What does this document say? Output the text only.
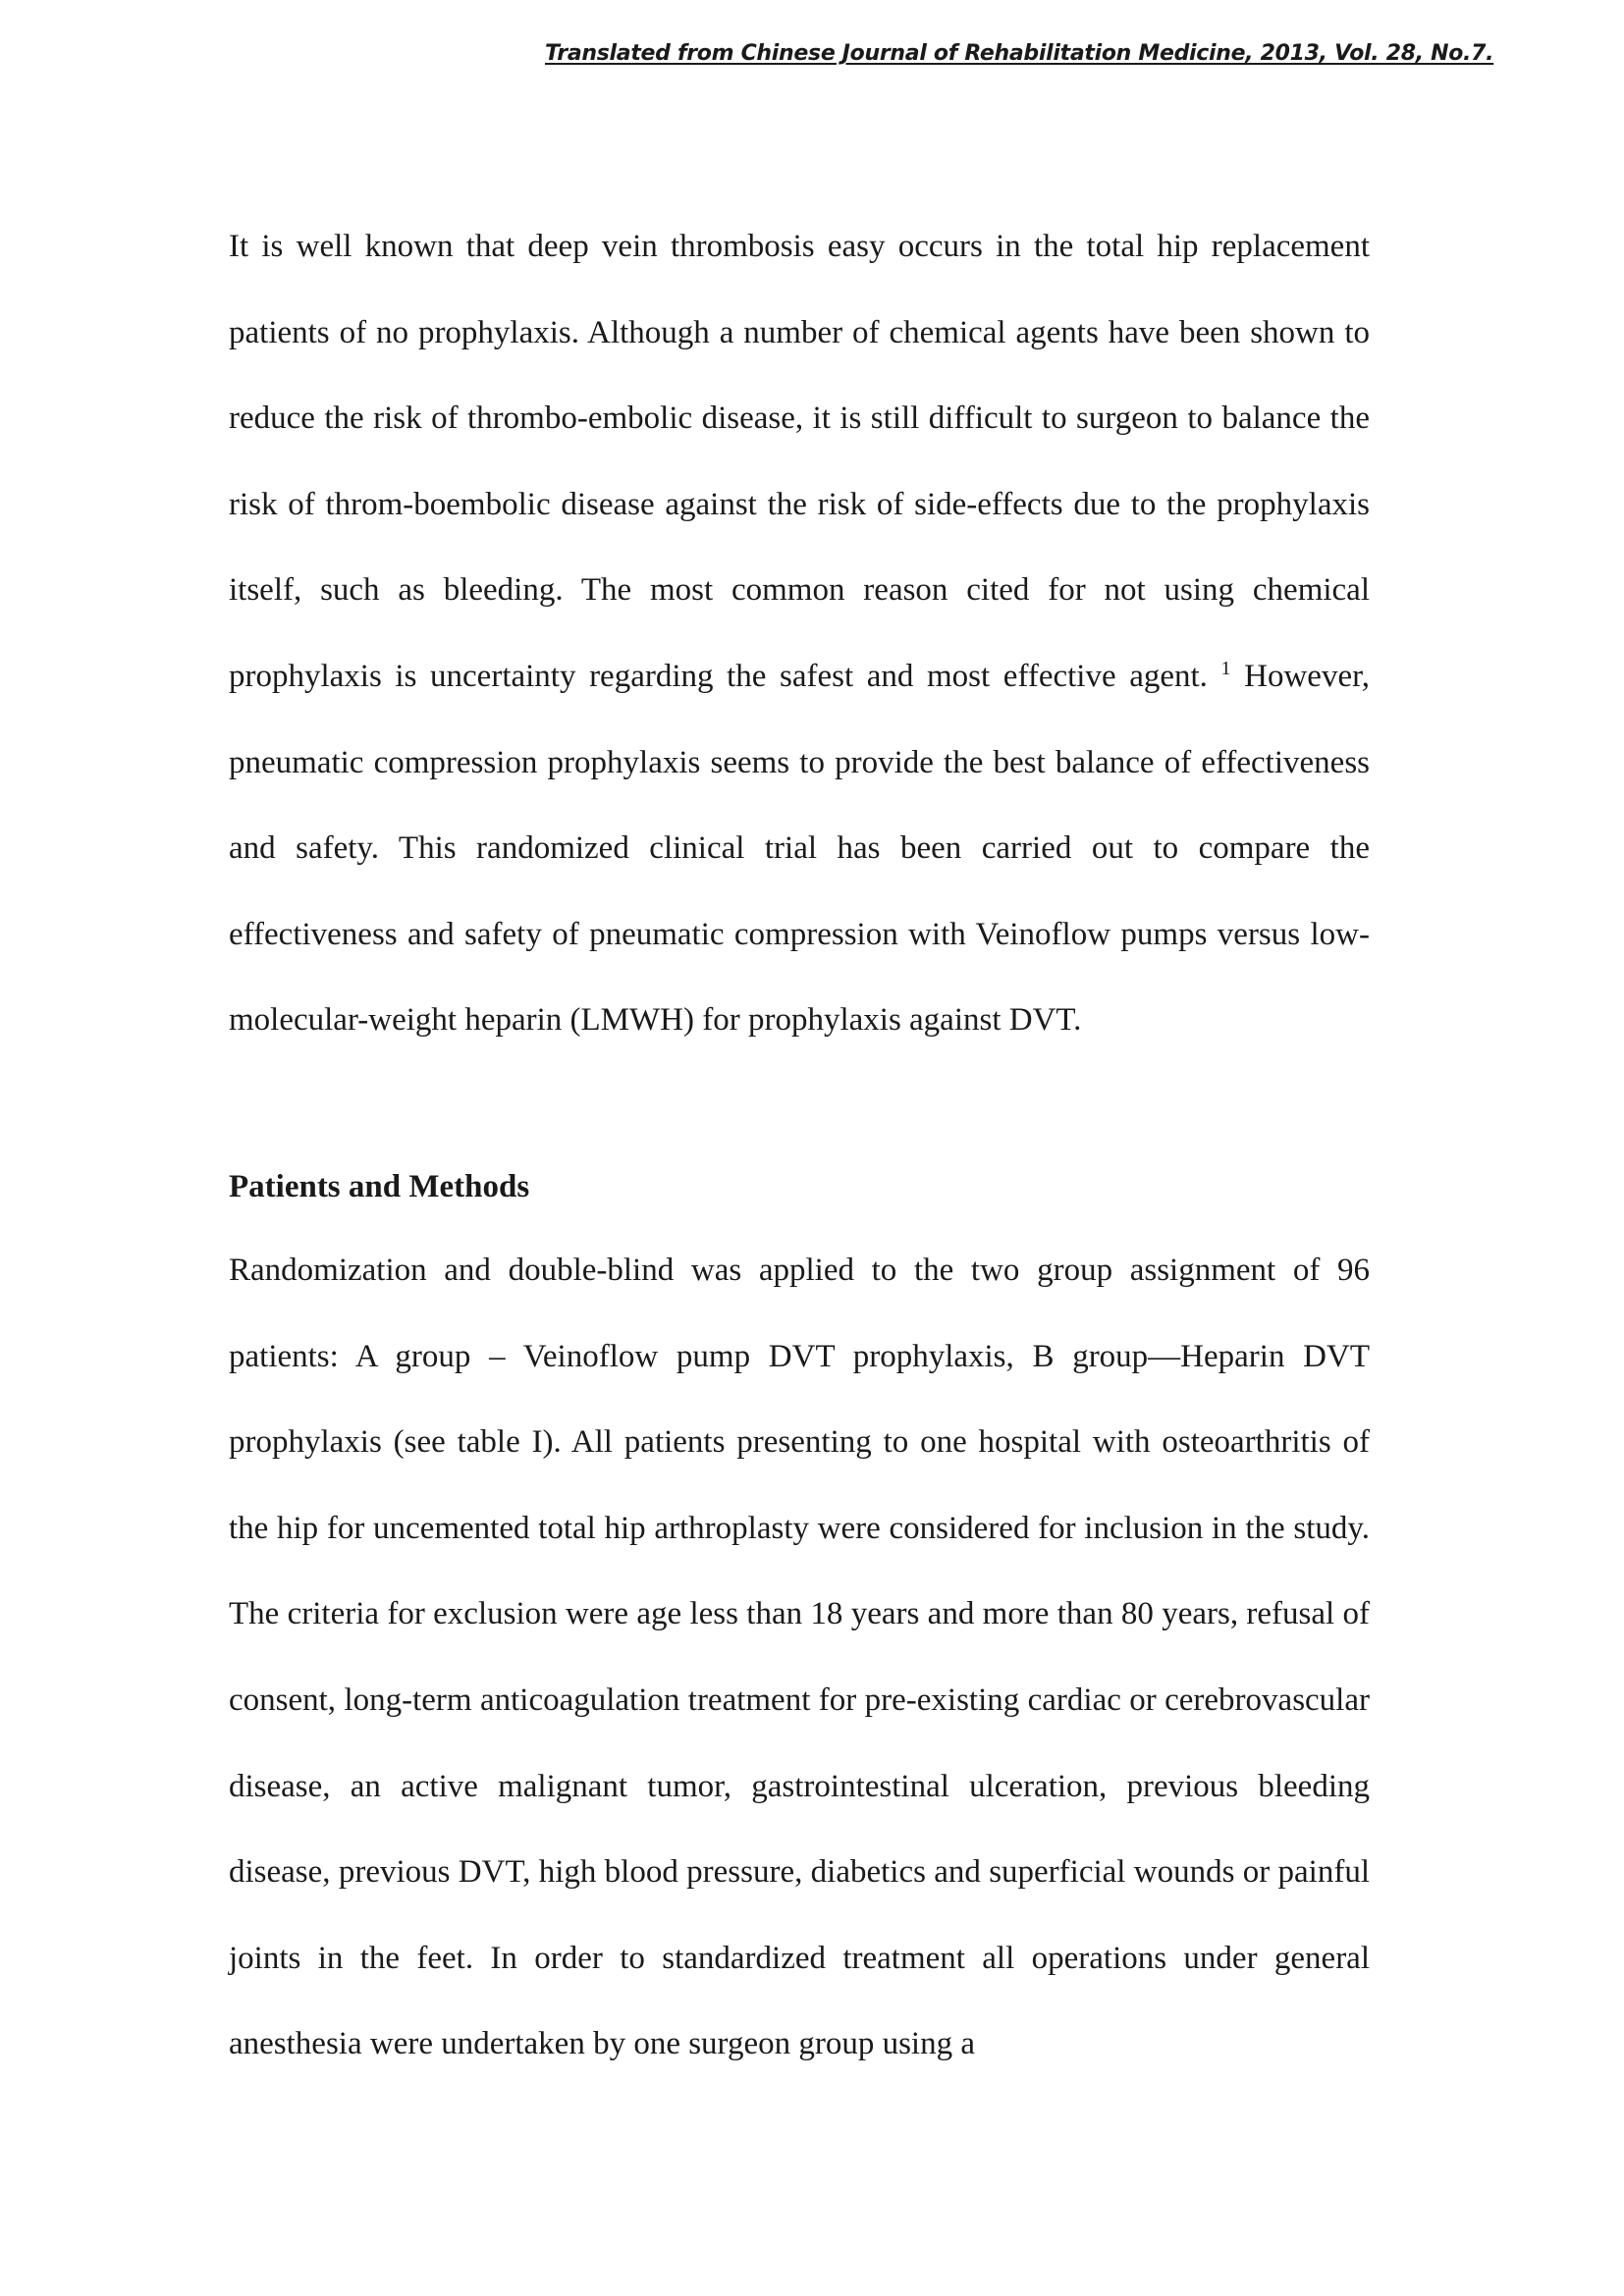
Translated from Chinese Journal of Rehabilitation Medicine, 2013, Vol. 28, No.7.

It is well known that deep vein thrombosis easy occurs in the total hip replacement patients of no prophylaxis. Although a number of chemical agents have been shown to reduce the risk of thrombo-embolic disease, it is still difficult to surgeon to balance the risk of throm-boembolic disease against the risk of side-effects due to the prophylaxis itself, such as bleeding. The most common reason cited for not using chemical prophylaxis is uncertainty regarding the safest and most effective agent. $^1$ However, pneumatic compression prophylaxis seems to provide the best balance of effectiveness and safety. This randomized clinical trial has been carried out to compare the effectiveness and safety of pneumatic compression with Veinoflow pumps versus low-molecular-weight heparin (LMWH) for prophylaxis against DVT.

Patients and Methods

Randomization and double-blind was applied to the two group assignment of 96 patients: A group – Veinoflow pump DVT prophylaxis, B group—Heparin DVT prophylaxis (see table I). All patients presenting to one hospital with osteoarthritis of the hip for uncemented total hip arthroplasty were considered for inclusion in the study. The criteria for exclusion were age less than 18 years and more than 80 years, refusal of consent, long-term anticoagulation treatment for pre-existing cardiac or cerebrovascular disease, an active malignant tumor, gastrointestinal ulceration, previous bleeding disease, previous DVT, high blood pressure, diabetics and superficial wounds or painful joints in the feet. In order to standardized treatment all operations under general anesthesia were undertaken by one surgeon group using a
